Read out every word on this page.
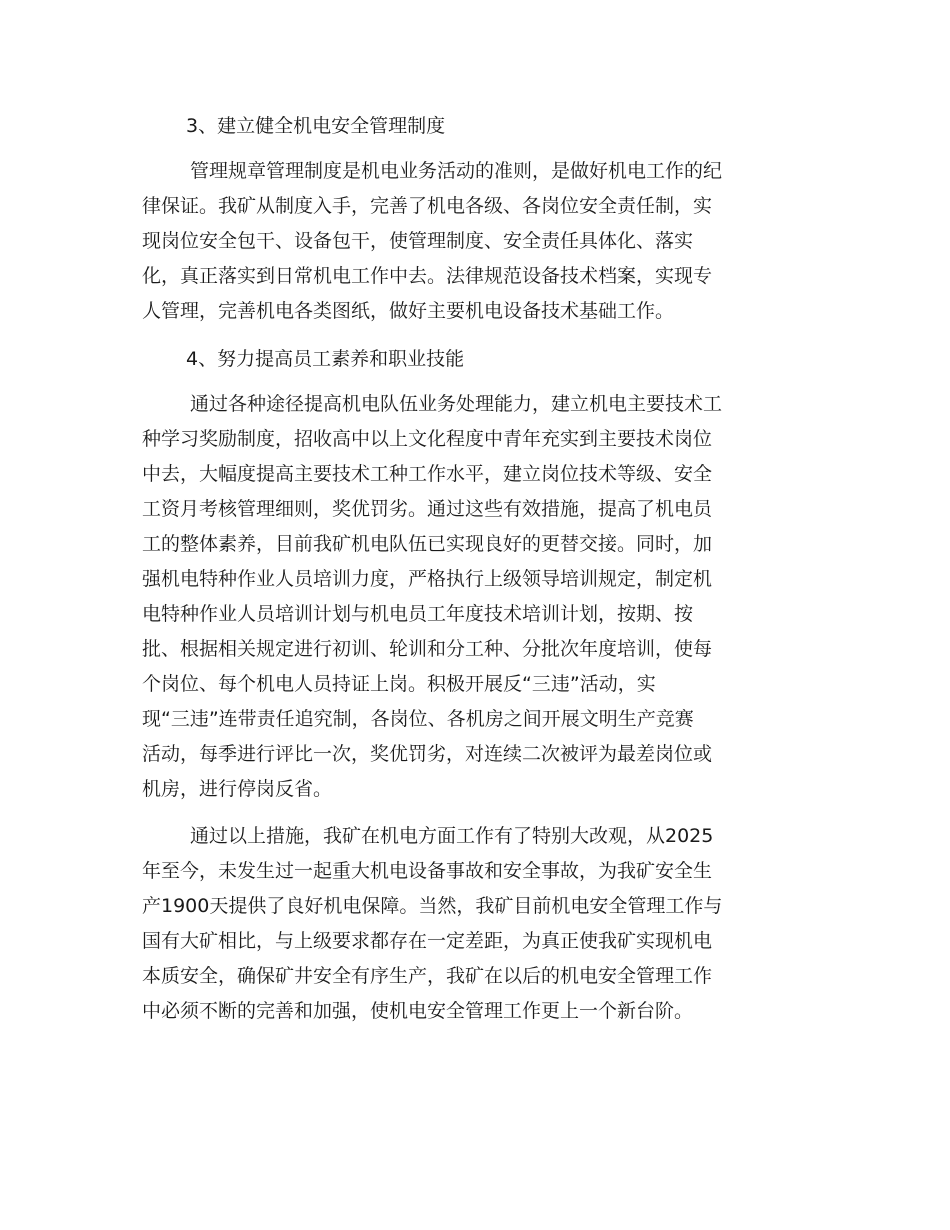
3、建立健全机电安全管理制度

管理规章管理制度是机电业务活动的准则，是做好机电工作的纪
律保证。我矿从制度入手，完善了机电各级、各岗位安全责任制，实
现岗位安全包干、设备包干，使管理制度、安全责任具体化、落实
化，真正落实到日常机电工作中去。法律规范设备技术档案，实现专
人管理，完善机电各类图纸，做好主要机电设备技术基础工作。

4、努力提高员工素养和职业技能

通过各种途径提高机电队伍业务处理能力，建立机电主要技术工
种学习奖励制度，招收高中以上文化程度中青年充实到主要技术岗位
中去，大幅度提高主要技术工种工作水平，建立岗位技术等级、安全
工资月考核管理细则，奖优罚劣。通过这些有效措施，提高了机电员
工的整体素养，目前我矿机电队伍已实现良好的更替交接。同时，加
强机电特种作业人员培训力度，严格执行上级领导培训规定，制定机
电特种作业人员培训计划与机电员工年度技术培训计划，按期、按
批、根据相关规定进行初训、轮训和分工种、分批次年度培训，使每
个岗位、每个机电人员持证上岗。积极开展反“三违”活动，实
现“三违”连带责任追究制，各岗位、各机房之间开展文明生产竞赛
活动，每季进行评比一次，奖优罚劣，对连续二次被评为最差岗位或
机房，进行停岗反省。

通过以上措施，我矿在机电方面工作有了特别大改观，从2025
年至今，未发生过一起重大机电设备事故和安全事故，为我矿安全生
产1900天提供了良好机电保障。当然，我矿目前机电安全管理工作与
国有大矿相比，与上级要求都存在一定差距，为真正使我矿实现机电
本质安全，确保矿井安全有序生产，我矿在以后的机电安全管理工作
中必须不断的完善和加强，使机电安全管理工作更上一个新台阶。
